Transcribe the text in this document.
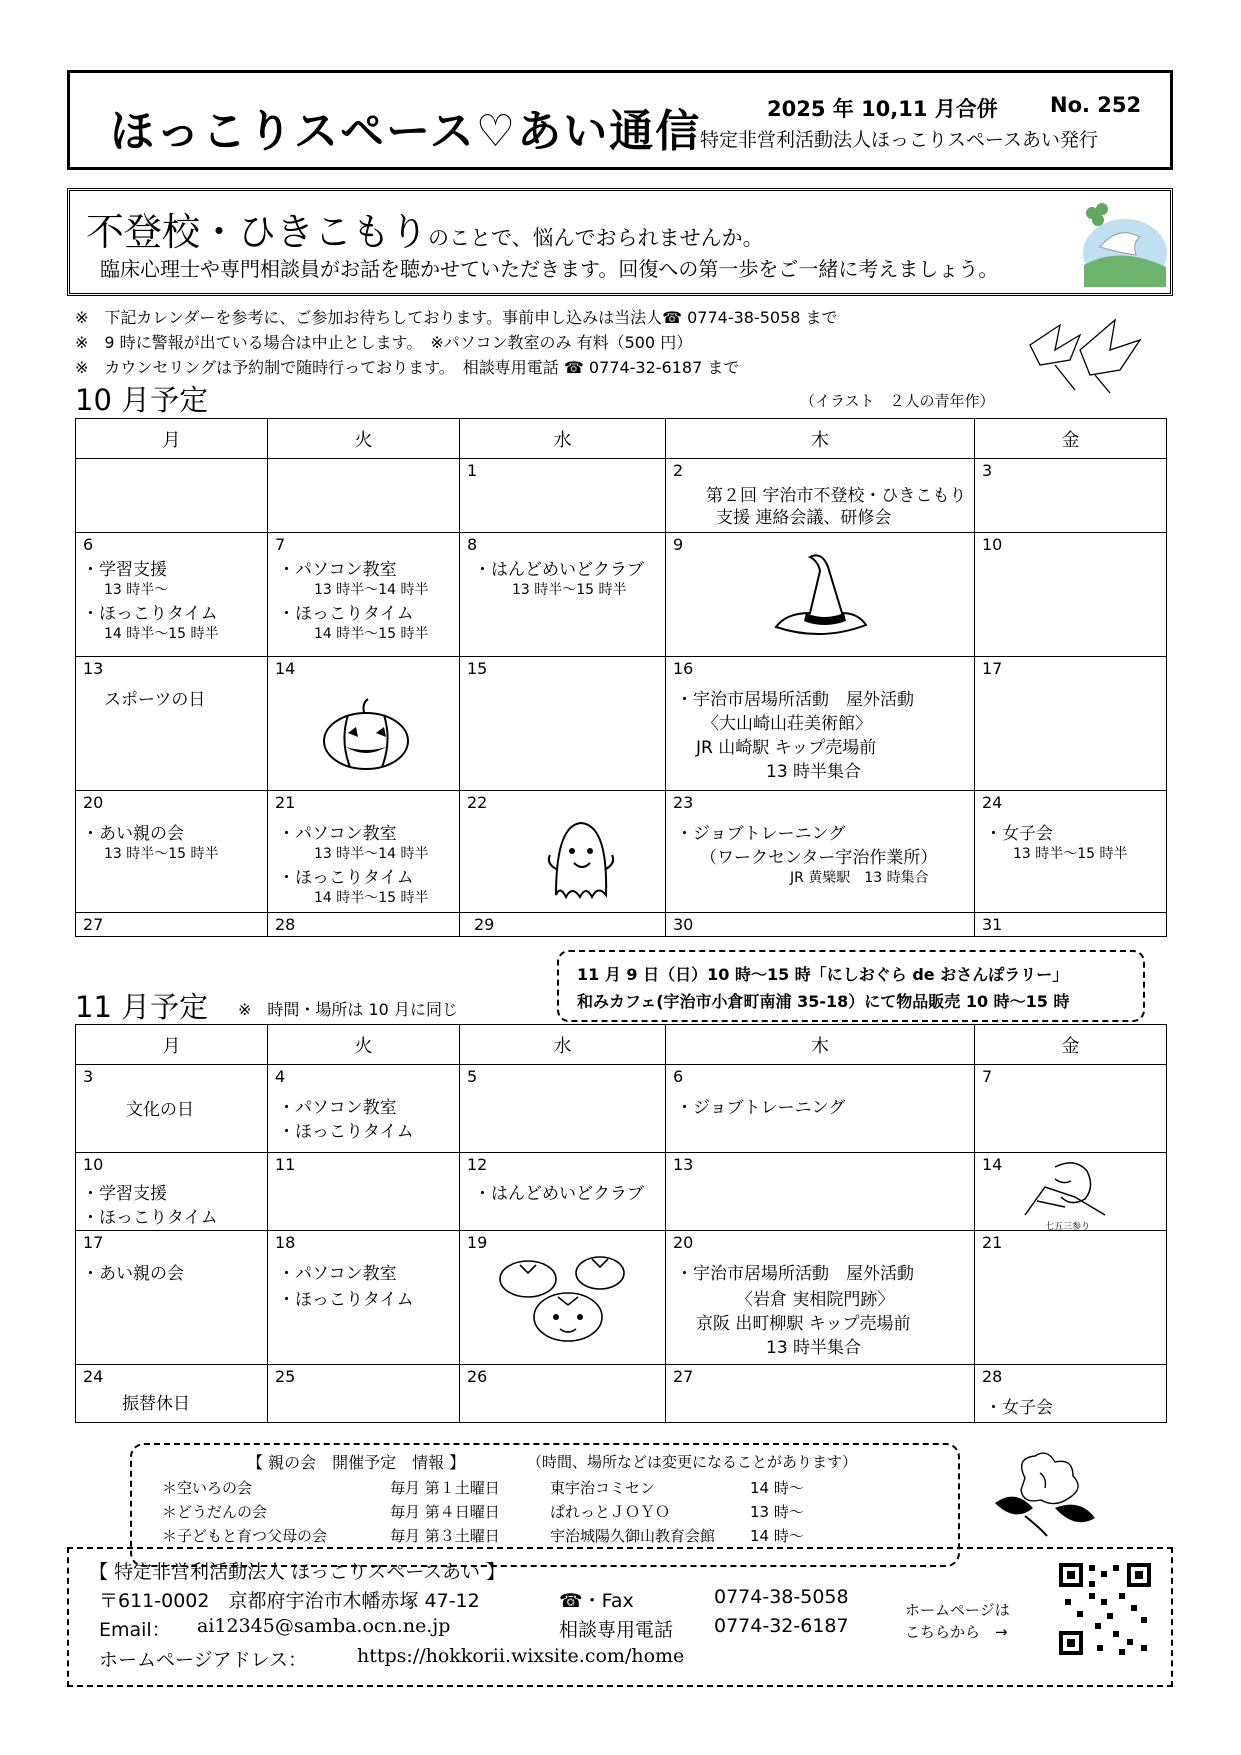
ほっこりスペース♡あい通信	2025 年 10,11 月合併 No. 252
特定非営利活動法人ほっこりスペースあい発行
不登校・ひきこもりのことで、悩んでおられませんか。
臨床心理士や専門相談員がお話を聴かせていただきます。回復への第一歩をご一緒に考えましょう。
※　下記カレンダーを参考に、ご参加お待ちしております。事前申し込みは当法人☎ 0774-38-5058 まで
※　9 時に警報が出ている場合は中止とします。　※パソコン教室のみ 有料（500 円）
※　カウンセリングは予約制で随時行っております。　相談専用電話 ☎ 0774-32-6187 まで
10 月予定	（イラスト　２人の青年作）
月	火	水	木	金

		1	2
第２回 宇治市不登校・ひきこもり
支援 連絡会議、研修会	3

6
・学習支援
13 時半～
・ほっこりタイム
14 時半～15 時半	7
・パソコン教室
13 時半～14 時半
・ほっこりタイム
14 時半～15 時半	8
・はんどめいどクラブ
13 時半～15 時半	9	10

13
スポーツの日	14	15	16
・宇治市居場所活動　屋外活動
〈大山崎山荘美術館〉
JR 山崎駅 キップ売場前
13 時半集合	17

20
・あい親の会
13 時半～15 時半	21
・パソコン教室
13 時半～14 時半
・ほっこりタイム
14 時半～15 時半	22	23
・ジョブトレーニング
（ワークセンター宇治作業所）
JR 黄檗駅　13 時集合	24
・女子会
13 時半～15 時半

27	28	29	30	31
11 月 9 日（日）10 時～15 時「にしおぐら de おさんぽラリー」
和みカフェ(宇治市小倉町南浦 35-18）にて物品販売 10 時～15 時
11 月予定 ※　時間・場所は 10 月に同じ
月	火	水	木	金

3
文化の日	4
・パソコン教室
・ほっこりタイム	5	6
・ジョブトレーニング	7

10
・学習支援
・ほっこりタイム	11	12
・はんどめいどクラブ	13	14
七五三参り

17
・あい親の会	18
・パソコン教室
・ほっこりタイム	19	20
・宇治市居場所活動　屋外活動
〈岩倉 実相院門跡〉
京阪 出町柳駅 キップ売場前
13 時半集合	21

24
振替休日	25	26	27	28
・女子会
【 親の会　開催予定　情報 】	（時間、場所などは変更になることがあります）
＊空いろの会	毎月 第１土曜日	東宇治コミセン	14 時～
＊どうだんの会	毎月 第４日曜日	ぱれっとＪＯＹＯ	13 時～
＊子どもと育つ父母の会	毎月 第３土曜日	宇治城陽久御山教育会館 14 時～
【 特定非営利活動法人 ほっこりスペースあい 】
〒611-0002　京都府宇治市木幡赤塚 47-12	☎・Fax	0774-38-5058
Email： ai12345@samba.ocn.ne.jp	相談専用電話 0774-32-6187
ホームページアドレス：	https://hokkorii.wixsite.com/home
ホームページは
こちらから　→
